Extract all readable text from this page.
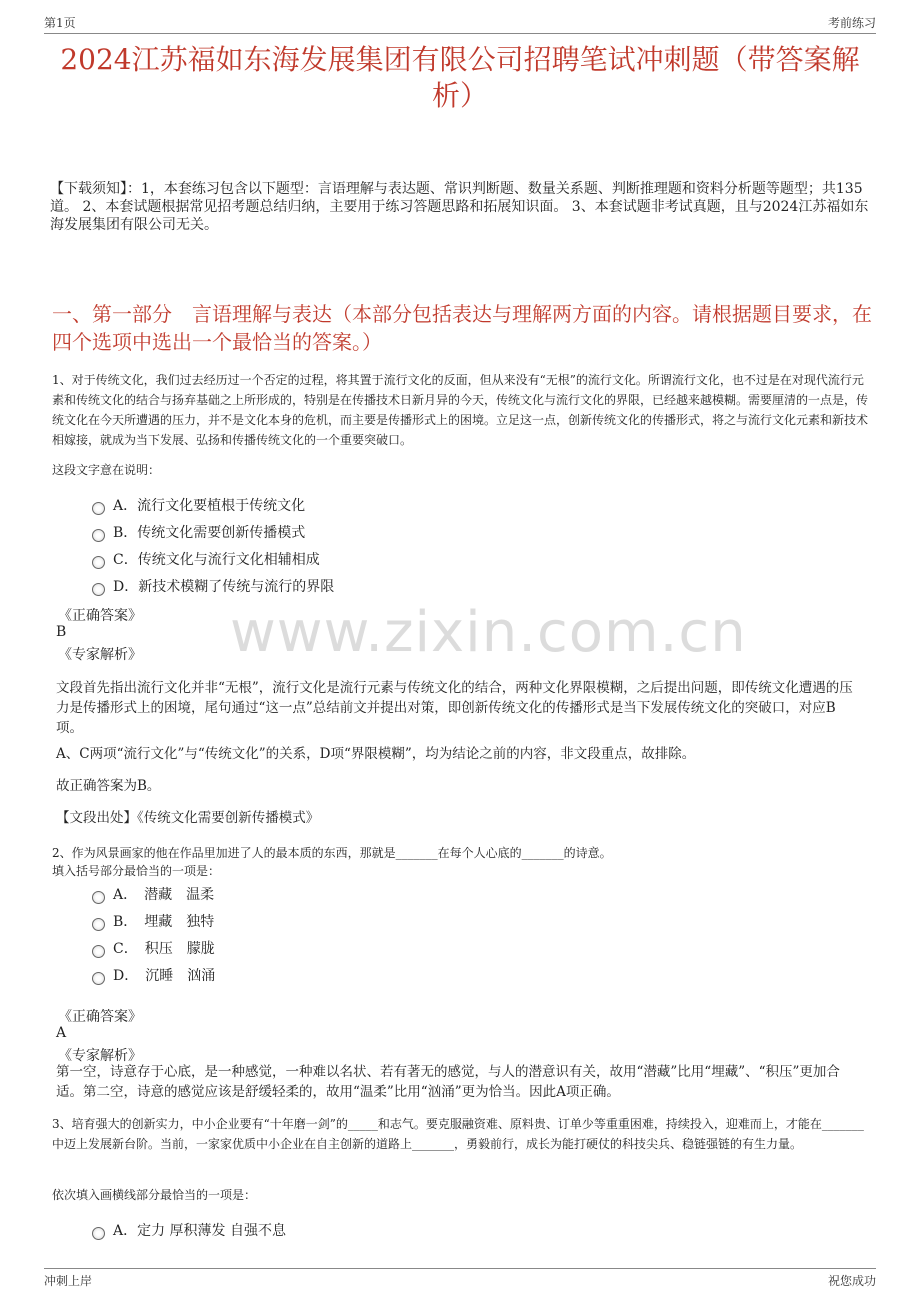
第1页	考前练习
2024江苏福如东海发展集团有限公司招聘笔试冲刺题（带答案解析）
【下载须知】：1，本套练习包含以下题型：言语理解与表达题、常识判断题、数量关系题、判断推理题和资料分析题等题型；共135道。 2、本套试题根据常见招考题总结归纳，主要用于练习答题思路和拓展知识面。 3、本套试题非考试真题，且与2024江苏福如东海发展集团有限公司无关。
一、第一部分　言语理解与表达（本部分包括表达与理解两方面的内容。请根据题目要求，在四个选项中选出一个最恰当的答案。）
www.zixin.com.cn
1、对于传统文化，我们过去经历过一个否定的过程，将其置于流行文化的反面，但从来没有“无根”的流行文化。所谓流行文化，也不过是在对现代流行元素和传统文化的结合与扬弃基础之上所形成的，特别是在传播技术日新月异的今天，传统文化与流行文化的界限，已经越来越模糊。需要厘清的一点是，传统文化在今天所遭遇的压力，并不是文化本身的危机，而主要是传播形式上的困境。立足这一点，创新传统文化的传播形式，将之与流行文化元素和新技术相嫁接，就成为当下发展、弘扬和传播传统文化的一个重要突破口。
这段文字意在说明：
A．流行文化要植根于传统文化
B．传统文化需要创新传播模式
C．传统文化与流行文化相辅相成
D．新技术模糊了传统与流行的界限
《正确答案》
B
《专家解析》
文段首先指出流行文化并非“无根”，流行文化是流行元素与传统文化的结合，两种文化界限模糊，之后提出问题，即传统文化遭遇的压力是传播形式上的困境，尾句通过“这一点”总结前文并提出对策，即创新传统文化的传播形式是当下发展传统文化的突破口，对应B项。
A、C两项“流行文化”与“传统文化”的关系，D项“界限模糊”，均为结论之前的内容，非文段重点，故排除。
故正确答案为B。
【文段出处】《传统文化需要创新传播模式》
2、作为风景画家的他在作品里加进了人的最本质的东西，那就是_______在每个人心底的_______的诗意。
填入括号部分最恰当的一项是：
A．　潜藏　温柔
B．　埋藏　独特
C．　积压　朦胧
D．　沉睡　汹涌
《正确答案》
A
《专家解析》
第一空，诗意存于心底，是一种感觉，一种难以名状、若有著无的感觉，与人的潜意识有关，故用“潜藏”比用“埋藏”、“积压”更加合适。第二空，诗意的感觉应该是舒缓轻柔的，故用“温柔”比用“汹涌”更为恰当。因此A项正确。
3、培育强大的创新实力，中小企业要有“十年磨一剑”的_____和志气。要克服融资难、原料贵、订单少等重重困难，持续投入，迎难而上，才能在_______中迈上发展新台阶。当前，一家家优质中小企业在自主创新的道路上_______，勇毅前行，成长为能打硬仗的科技尖兵、稳链强链的有生力量。
依次填入画横线部分最恰当的一项是：
A．定力 厚积薄发 自强不息
冲刺上岸	祝您成功
